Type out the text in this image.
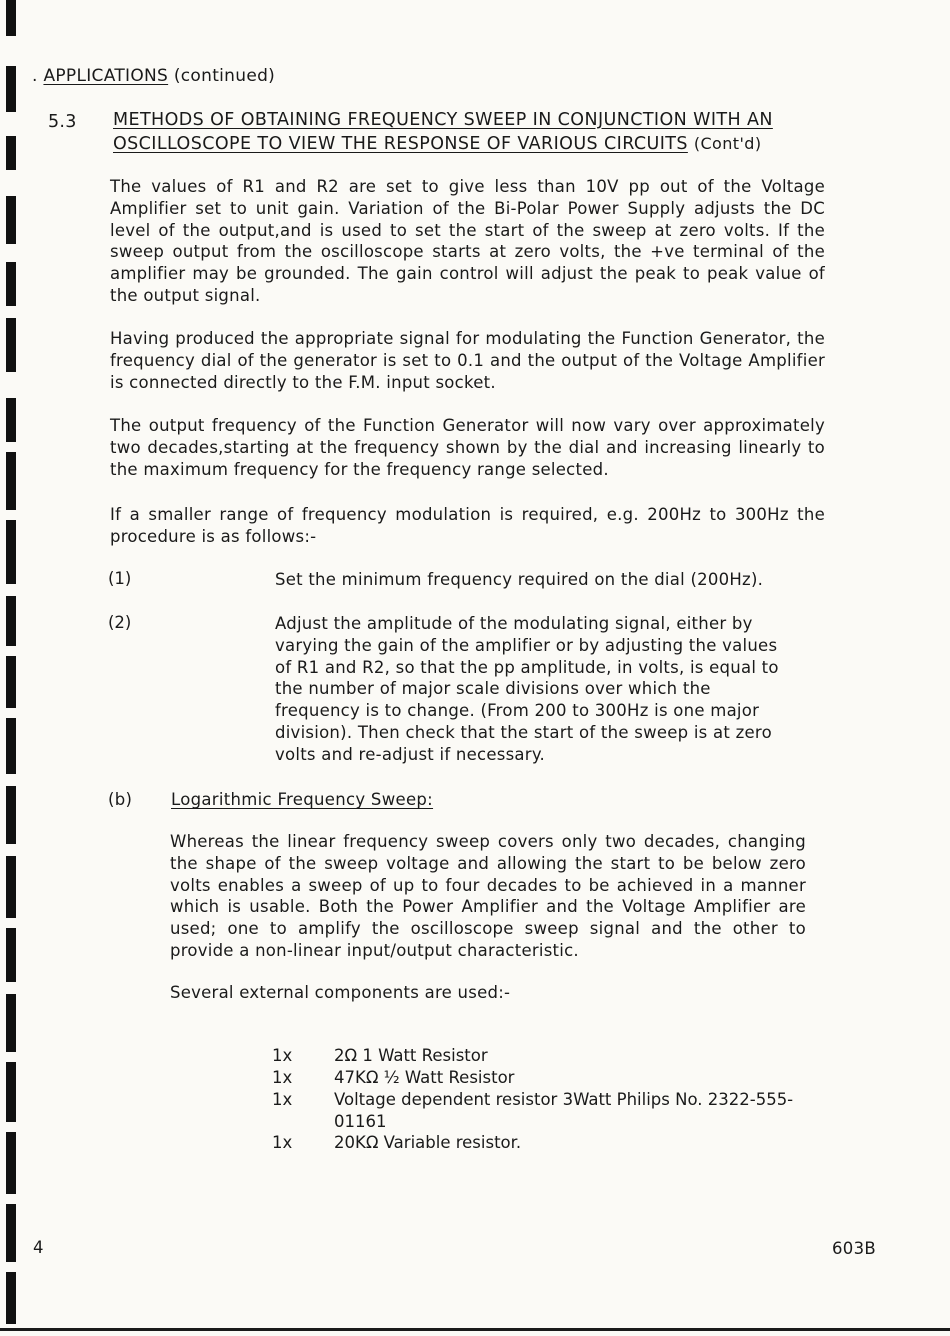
. APPLICATIONS (continued)
5.3 METHODS OF OBTAINING FREQUENCY SWEEP IN CONJUNCTION WITH AN
OSCILLOSCOPE TO VIEW THE RESPONSE OF VARIOUS CIRCUITS (Cont'd)
The values of R1 and R2 are set to give less than 10V pp out of the Voltage Amplifier set to unit gain. Variation of the Bi-Polar Power Supply adjusts the DC level of the output,and is used to set the start of the sweep at zero volts. If the sweep output from the oscilloscope starts at zero volts, the +ve terminal of the amplifier may be grounded. The gain control will adjust the peak to peak value of the output signal.
Having produced the appropriate signal for modulating the Function Generator, the frequency dial of the generator is set to 0.1 and the output of the Voltage Amplifier is connected directly to the F.M. input socket.
The output frequency of the Function Generator will now vary over approximately two decades,starting at the frequency shown by the dial and increasing linearly to the maximum frequency for the frequency range selected.
If a smaller range of frequency modulation is required, e.g. 200Hz to 300Hz the procedure is as follows:-
(1)	Set the minimum frequency required on the dial (200Hz).
(2)	Adjust the amplitude of the modulating signal, either by varying the gain of the amplifier or by adjusting the values of R1 and R2, so that the pp amplitude, in volts, is equal to the number of major scale divisions over which the frequency is to change. (From 200 to 300Hz is one major division). Then check that the start of the sweep is at zero volts and re-adjust if necessary.
(b) Logarithmic Frequency Sweep:
Whereas the linear frequency sweep covers only two decades, changing the shape of the sweep voltage and allowing the start to be below zero volts enables a sweep of up to four decades to be achieved in a manner which is usable. Both the Power Amplifier and the Voltage Amplifier are used; one to amplify the oscilloscope sweep signal and the other to provide a non-linear input/output characteristic.
Several external components are used:-
1x	2Ω 1 Watt Resistor
1x	47KΩ ½ Watt Resistor
1x	Voltage dependent resistor 3Watt Philips No. 2322-555-01161
1x	20KΩ Variable resistor.
4	603B
